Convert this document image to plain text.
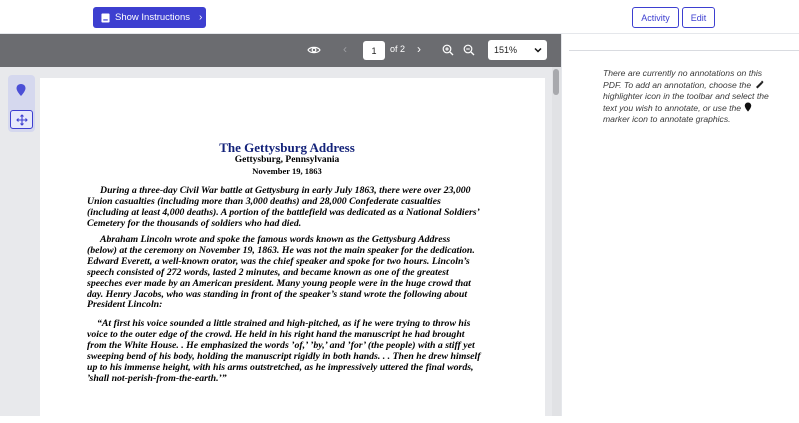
Show Instructions ›	Activity	Edit
‹	1	of 2 ›	151%
The Gettysburg Address
Gettysburg, Pennsylvania
November 19, 1863
During a three-day Civil War battle at Gettysburg in early July 1863, there were over 23,000 Union casualties (including more than 3,000 deaths) and 28,000 Confederate casualties (including at least 4,000 deaths). A portion of the battlefield was dedicated as a National Soldiers’ Cemetery for the thousands of soldiers who had died.
Abraham Lincoln wrote and spoke the famous words known as the Gettysburg Address (below) at the ceremony on November 19, 1863. He was not the main speaker for the dedication. Edward Everett, a well-known orator, was the chief speaker and spoke for two hours. Lincoln’s speech consisted of 272 words, lasted 2 minutes, and became known as one of the greatest speeches ever made by an American president. Many young people were in the huge crowd that day. Henry Jacobs, who was standing in front of the speaker’s stand wrote the following about President Lincoln:
“At first his voice sounded a little strained and high-pitched, as if he were trying to throw his voice to the outer edge of the crowd. He held in his right hand the manuscript he had brought from the White House. . He emphasized the words ’of,’ ’by,’ and ’for’ (the people) with a stiff yet sweeping bend of his body, holding the manuscript rigidly in both hands. . . Then he drew himself up to his immense height, with his arms outstretched, as he impressively uttered the final words, ’shall not-perish-from-the-earth.’”
There are currently no annotations on this PDF. To add an annotation, choose the  highlighter icon in the toolbar and select the text you wish to annotate, or use the  marker icon to annotate graphics.
